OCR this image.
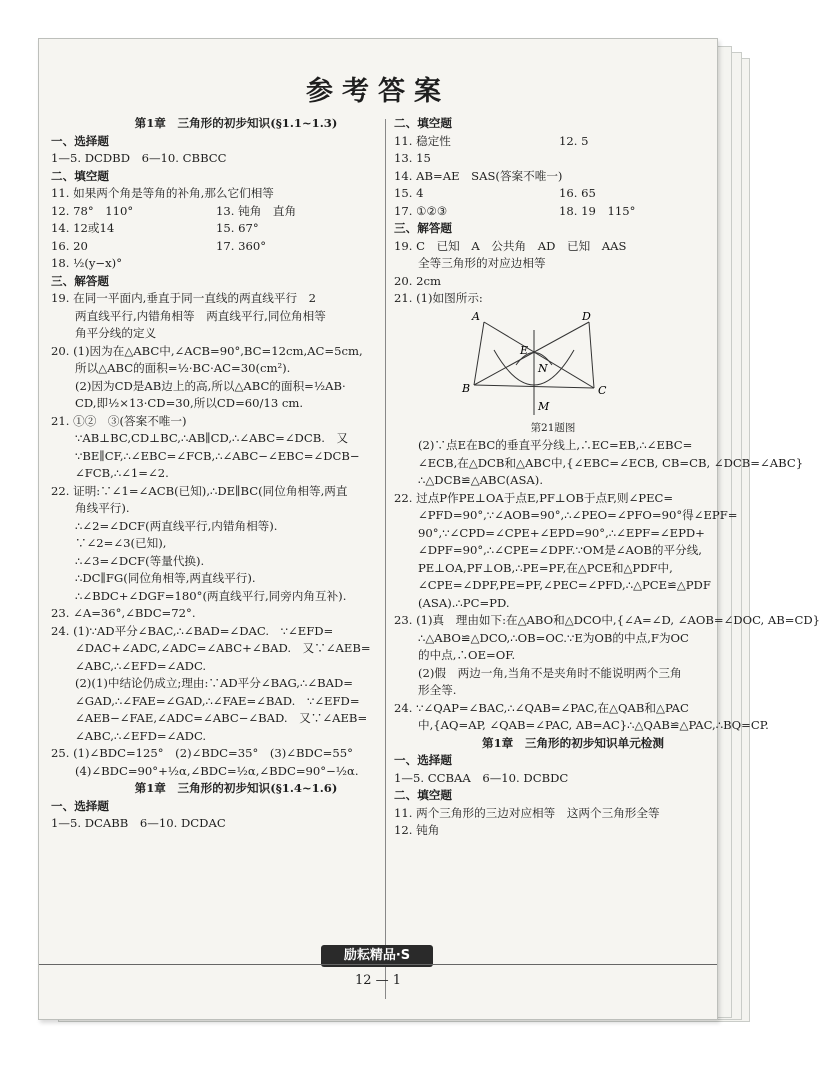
参考答案
第1章　三角形的初步知识(§1.1~1.3)
一、选择题
1—5. DCDBD　6—10. CBBCC
二、填空题
11. 如果两个角是等角的补角,那么它们相等
12. 78°　110°	13. 钝角　直角
14. 12或14	15. 67°
16. 20	17. 360°
18. ½(y−x)°
三、解答题
19. 在同一平面内,垂直于同一直线的两直线平行　2
两直线平行,内错角相等　两直线平行,同位角相等
角平分线的定义
20. (1)因为在△ABC中,∠ACB=90°,BC=12cm,AC=5cm,
所以△ABC的面积=½·BC·AC=30(cm²).
(2)因为CD是AB边上的高,所以△ABC的面积=½AB·
CD,即½×13·CD=30,所以CD=60/13 cm.
21. ①②　③(答案不唯一)
∵AB⊥BC,CD⊥BC,∴AB∥CD,∴∠ABC=∠DCB.　又
∵BE∥CF,∴∠EBC=∠FCB,∴∠ABC−∠EBC=∠DCB−
∠FCB,∴∠1=∠2.
22. 证明:∵∠1=∠ACB(已知),∴DE∥BC(同位角相等,两直
角线平行).
∴∠2=∠DCF(两直线平行,内错角相等).
∵∠2=∠3(已知),
∴∠3=∠DCF(等量代换).
∴DC∥FG(同位角相等,两直线平行).
∴∠BDC+∠DGF=180°(两直线平行,同旁内角互补).
23. ∠A=36°,∠BDC=72°.
24. (1)∵AD平分∠BAC,∴∠BAD=∠DAC.　∵∠EFD=
∠DAC+∠ADC,∠ADC=∠ABC+∠BAD.　又∵∠AEB=
∠ABC,∴∠EFD=∠ADC.
(2)(1)中结论仍成立;理由:∵AD平分∠BAG,∴∠BAD=
∠GAD,∴∠FAE=∠GAD,∴∠FAE=∠BAD.　∵∠EFD=
∠AEB−∠FAE,∠ADC=∠ABC−∠BAD.　又∵∠AEB=
∠ABC,∴∠EFD=∠ADC.
25. (1)∠BDC=125°　(2)∠BDC=35°　(3)∠BDC=55°
(4)∠BDC=90°+½α,∠BDC=½α,∠BDC=90°−½α.
第1章　三角形的初步知识(§1.4~1.6)
一、选择题
1—5. DCABB　6—10. DCDAC
二、填空题
11. 稳定性	12. 5
13. 15
14. AB=AE　SAS(答案不唯一)
15. 4	16. 65
17. ①②③	18. 19　115°
三、解答题
19. C　已知　A　公共角　AD　已知　AAS
全等三角形的对应边相等
20. 2cm
21. (1)如图所示:
A	D
E
B	C
N
M
第21题图
(2)∵点E在BC的垂直平分线上,∴EC=EB,∴∠EBC=
∠ECB,在△DCB和△ABC中,{∠EBC=∠ECB, CB=CB, ∠DCB=∠ABC}
∴△DCB≌△ABC(ASA).
22. 过点P作PE⊥OA于点E,PF⊥OB于点F,则∠PEC=
∠PFD=90°,∵∠AOB=90°,∴∠PEO=∠PFO=90°得∠EPF=
90°,∵∠CPD=∠CPE+∠EPD=90°,∴∠EPF=∠EPD+
∠DPF=90°,∴∠CPE=∠DPF.∵OM是∠AOB的平分线,
PE⊥OA,PF⊥OB,∴PE=PF,在△PCE和△PDF中,
∠CPE=∠DPF,PE=PF,∠PEC=∠PFD,∴△PCE≌△PDF
(ASA).∴PC=PD.
23. (1)真　理由如下:在△ABO和△DCO中,{∠A=∠D, ∠AOB=∠DOC, AB=CD}
∴△ABO≌△DCO,∴OB=OC.∵E为OB的中点,F为OC
的中点,∴OE=OF.
(2)假　两边一角,当角不是夹角时不能说明两个三角
形全等.
24. ∵∠QAP=∠BAC,∴∠QAB=∠PAC,在△QAB和△PAC
中,{AQ=AP, ∠QAB=∠PAC, AB=AC}∴△QAB≌△PAC,∴BQ=CP.
第1章　三角形的初步知识单元检测
一、选择题
1—5. CCBAA　6—10. DCBDC
二、填空题
11. 两个三角形的三边对应相等　这两个三角形全等
12. 钝角
励耘精品·S
12 — 1
